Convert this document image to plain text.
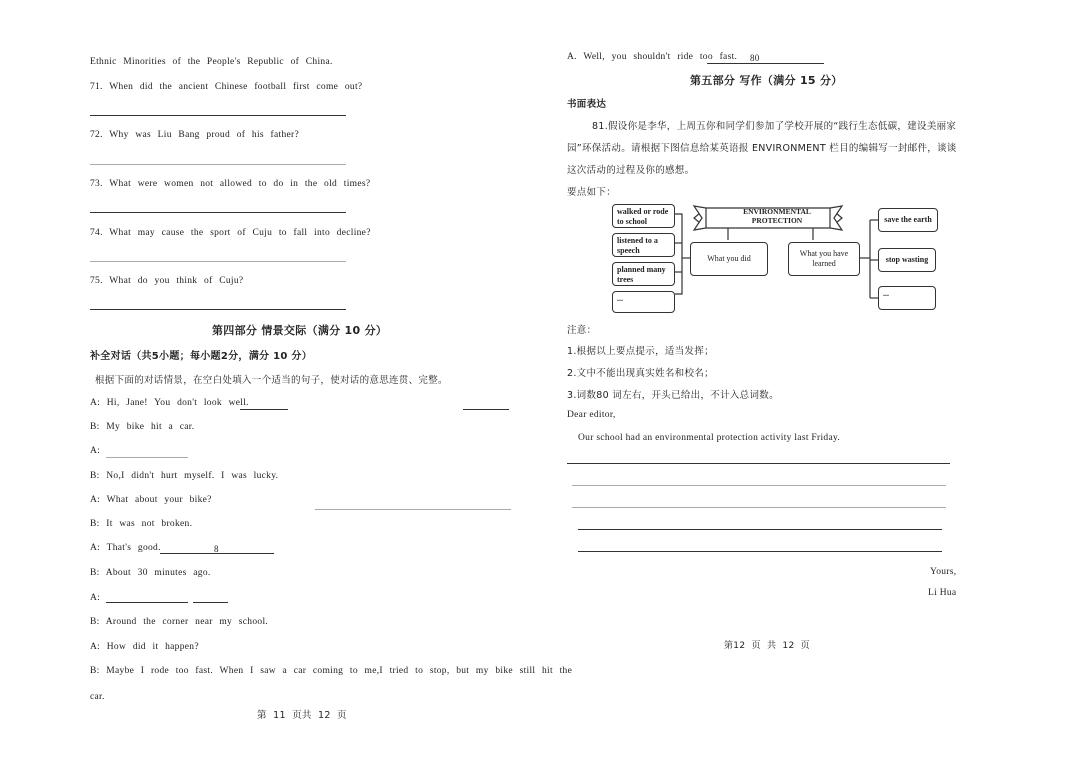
Ethnic Minorities of the People's Republic of China.
71. When did the ancient Chinese football first come out?
72. Why was Liu Bang proud of his father?
73. What were women not allowed to do in the old times?
74. What may cause the sport of Cuju to fall into decline?
75. What do you think of Cuju?
第四部分 情景交际（满分 10 分）
补全对话（共5小题；每小题2分，满分 10 分）
根据下面的对话情景，在空白处填入一个适当的句子，使对话的意思连贯、完整。
A: Hi, Jane! You don't look well.
B: My bike hit a car.
A:
B: No,I didn't hurt myself. I was lucky.
A: What about your bike?
B: It was not broken.
A: That's good.	8
B: About 30 minutes ago.
A:
B: Around the corner near my school.
A: How did it happen?
B: Maybe I rode too fast. When I saw a car coming to me,I tried to stop, but my bike still hit the
car.
第 11 页共 12 页
A. Well, you shouldn't ride too fast. 80
第五部分 写作（满分 15 分）
书面表达
81.假设你是李华，上周五你和同学们参加了学校开展的“践行生态低碳，建设美丽家
园”环保活动。请根据下图信息给某英语报 ENVIRONMENT 栏目的编辑写一封邮件，谈谈
这次活动的过程及你的感想。
要点如下：
walked or rode to school
listened to a speech
planned many trees
...
ENVIRONMENTAL PROTECTION
What you did
What you have learned
save the earth
stop wasting
...
注意：
1.根据以上要点提示，适当发挥；
2.文中不能出现真实姓名和校名；
3.词数80 词左右，开头已给出，不计入总词数。
Dear editor,
Our school had an environmental protection activity last Friday.
Yours,
Li Hua
第12 页 共 12 页
